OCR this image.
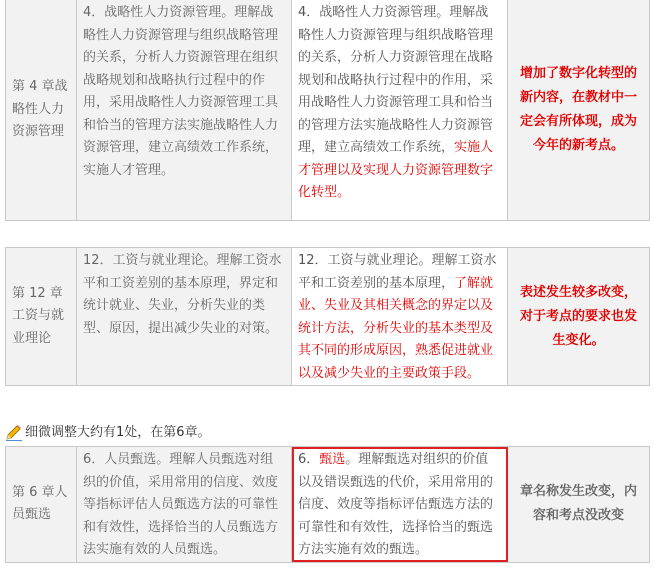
第 4 章战略性人力资源管理	4．战略性人力资源管理。理解战略性人力资源管理与组织战略管理的关系，分析人力资源管理在组织战略规划和战略执行过程中的作用，采用战略性人力资源管理工具和恰当的管理方法实施战略性人力资源管理，建立高绩效工作系统，实施人才管理。	4．战略性人力资源管理。理解战略性人力资源管理与组织战略管理的关系，分析人力资源管理在战略规划和战略执行过程中的作用，采用战略性人力资源管理工具和恰当的管理方法实施战略性人力资源管理，建立高绩效工作系统，实施人才管理以及实现人力资源管理数字化转型。	增加了数字化转型的新内容，在教材中一定会有所体现，成为今年的新考点。
第 12 章工资与就业理论	12．工资与就业理论。理解工资水平和工资差别的基本原理，界定和统计就业、失业，分析失业的类型、原因，提出减少失业的对策。	12．工资与就业理论。理解工资水平和工资差别的基本原理，了解就业、失业及其相关概念的界定以及统计方法，分析失业的基本类型及其不同的形成原因，熟悉促进就业以及减少失业的主要政策手段。	表述发生较多改变，对于考点的要求也发生变化。
细微调整大约有1处，在第6章。
第 6 章人员甄选	6．人员甄选。理解人员甄选对组织的价值，采用常用的信度、效度等指标评估人员甄选方法的可靠性和有效性，选择恰当的人员甄选方法实施有效的人员甄选。	6．甄选。理解甄选对组织的价值以及错误甄选的代价，采用常用的信度、效度等指标评估甄选方法的可靠性和有效性，选择恰当的甄选方法实施有效的甄选。	章名称发生改变，内容和考点没改变
